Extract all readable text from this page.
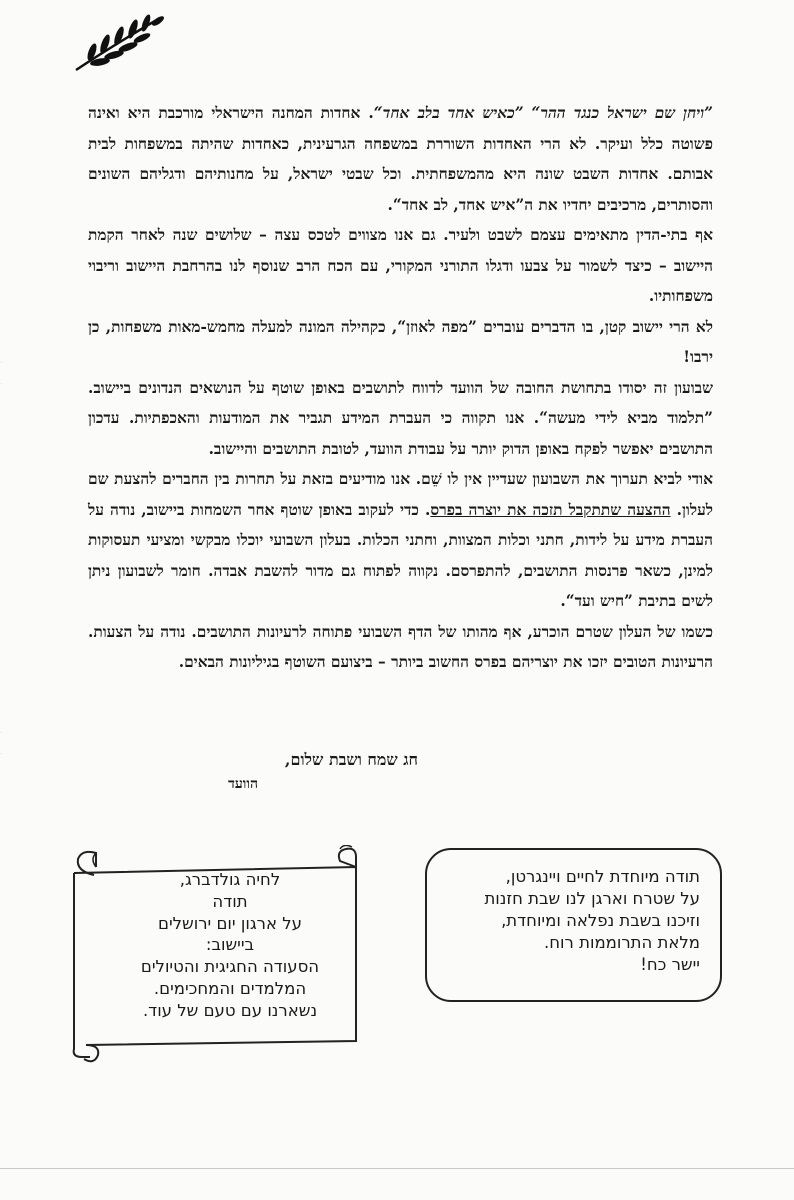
”ויחן שם ישראל כנגד ההר“ ”כאיש אחד בלב אחד“. אחדות המחנה הישראלי מורכבת היא ואינה פשוטה כלל ועיקר. לא הרי האחדות השוררת במשפחה הגרעינית, כאחדות שהיתה במשפחות לבית אבותם. אחדות השבט שונה היא מהמשפחתית. וכל שבטי ישראל, על מחנותיהם ודגליהם השונים והסותרים, מרכיבים יחדיו את ה”איש אחד, לב אחד“.

אף בתי-הדין מתאימים עצמם לשבט ולעיר. גם אנו מצווים לטכס עצה – שלושים שנה לאחר הקמת היישוב – כיצד לשמור על צבעו ודגלו התורני המקורי, עם הכח הרב שנוסף לנו בהרחבת היישוב וריבוי משפחותיו.

לא הרי יישוב קטן, בו הדברים עוברים ”מפה לאוזן“, כקהילה המונה למעלה מחמש-מאות משפחות, כן ירבו!

שבועון זה יסודו בתחושת החובה של הוועד לדווח לתושבים באופן שוטף על הנושאים הנדונים ביישוב. ”תלמוד מביא לידי מעשה“. אנו תקווה כי העברת המידע תגביר את המודעות והאכפתיות. עדכון התושבים יאפשר לפקח באופן הדוק יותר על עבודת הוועד, לטובת התושבים והיישוב.

אודי לביא תערוך את השבועון שעדיין אין לו שֵׁם. אנו מודיעים בזאת על תחרות בין החברים להצעת שם לעלון. ההצעה שתתקבל תזכה את יוצרה בפרס. כדי לעקוב באופן שוטף אחר השמחות ביישוב, נודה על העברת מידע על לידות, חתני וכלות המצוות, וחתני הכלות. בעלון השבועי יוכלו מבקשי ומציעי תעסוקות למינן, כשאר פרנסות התושבים, להתפרסם. נקווה לפתוח גם מדור להשבת אבדה. חומר לשבועון ניתן לשים בתיבת ”חיש ועד“.

כשמו של העלון שטרם הוכרע, אף מהותו של הדף השבועי פתוחה לרעיונות התושבים. נודה על הצעות. הרעיונות הטובים יזכו את יוצריהם בפרס החשוב ביותר – ביצועם השוטף בגיליונות הבאים.

חג שמח ושבת שלום,
הוועד
לחיה גולדברג,
תודה
על ארגון יום ירושלים
ביישוב:
הסעודה החגיגית והטיולים
המלמדים והמחכימים.
נשארנו עם טעם של עוד.
תודה מיוחדת לחיים ויינגרטן,
על שטרח וארגן לנו שבת חזנות
וזיכנו בשבת נפלאה ומיוחדת,
מלאת התרוממות רוח.
יישר כח!
